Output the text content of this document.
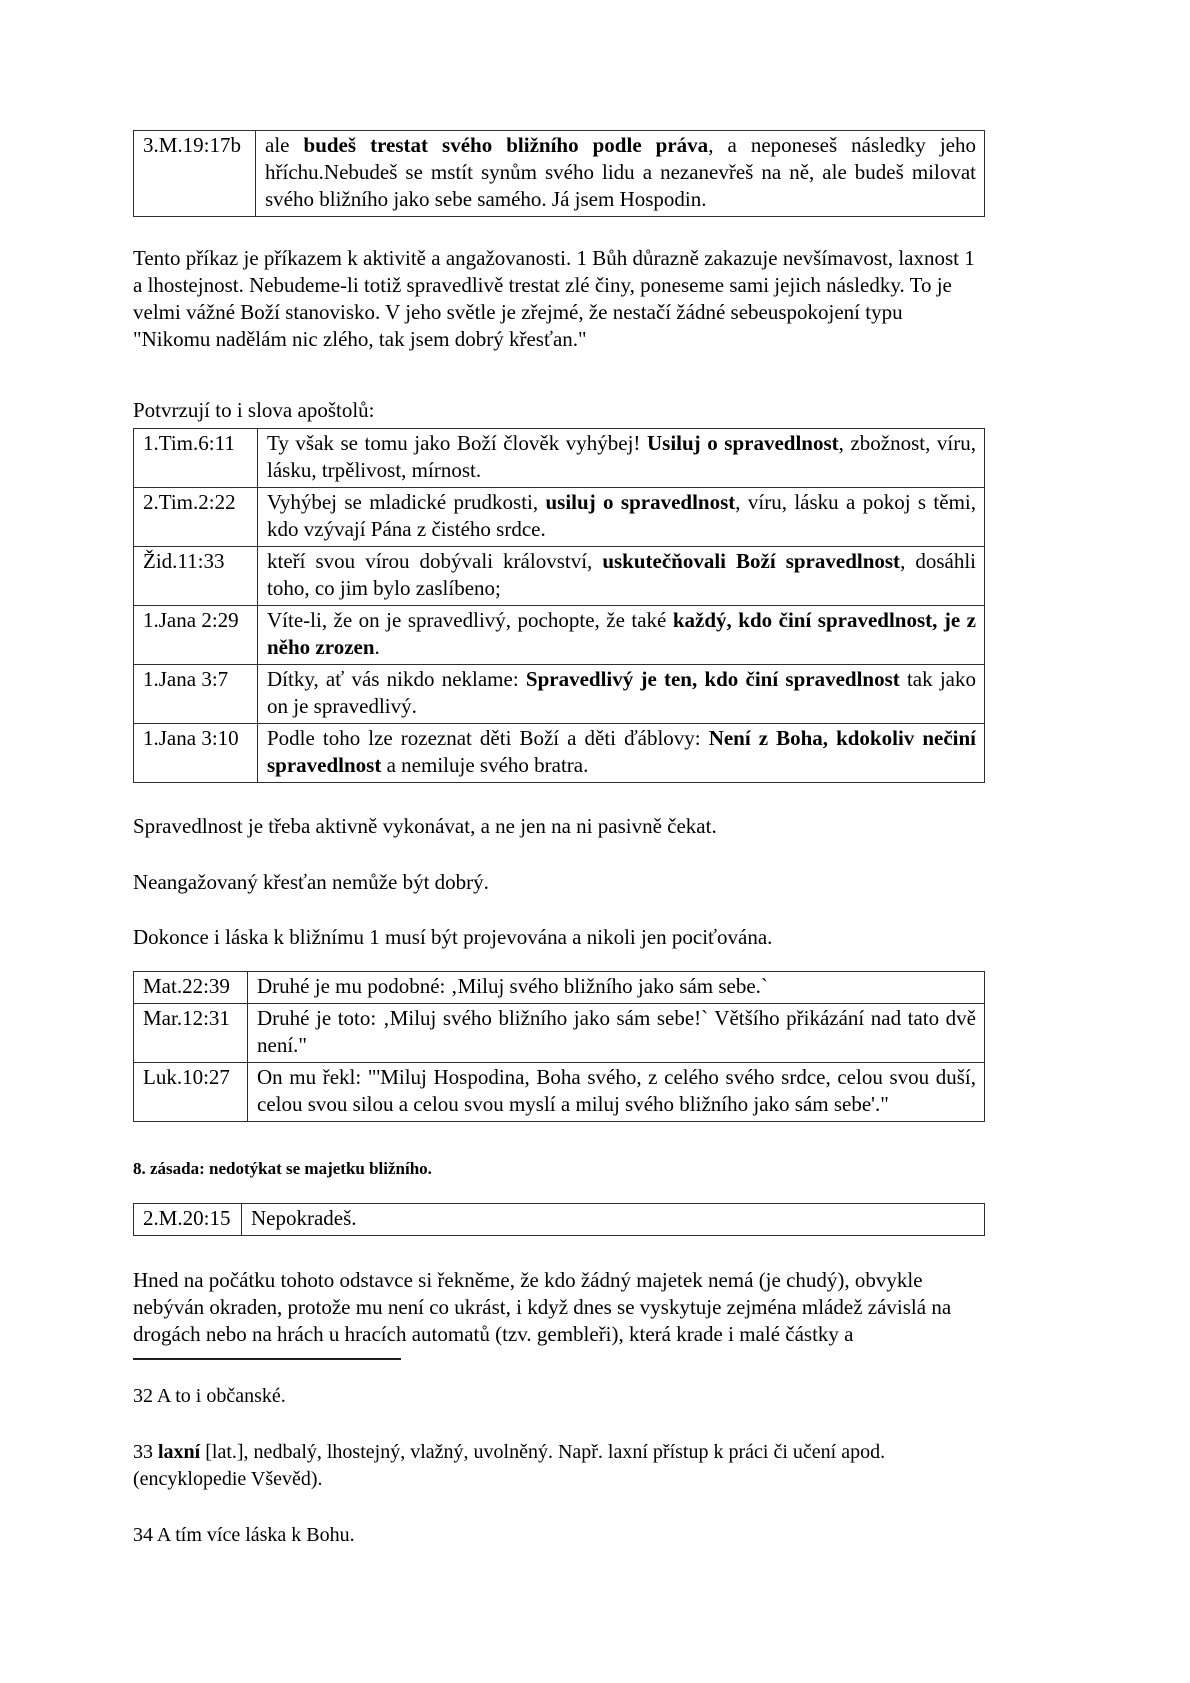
3.M.19:17b	ale budeš trestat svého bližního podle práva, a neponeseš následky jeho hříchu.Nebudeš se mstít synům svého lidu a nezanevřeš na ně, ale budeš milovat svého bližního jako sebe samého. Já jsem Hospodin.

Tento příkaz je příkazem k aktivitě a angažovanosti. 1 Bůh důrazně zakazuje nevšímavost, laxnost 1 a lhostejnost. Nebudeme-li totiž spravedlivě trestat zlé činy, poneseme sami jejich následky. To je velmi vážné Boží stanovisko. V jeho světle je zřejmé, že nestačí žádné sebeuspokojení typu "Nikomu nadělám nic zlého, tak jsem dobrý křesťan."

Potvrzují to i slova apoštolů:

1.Tim.6:11	Ty však se tomu jako Boží člověk vyhýbej! Usiluj o spravedlnost, zbožnost, víru, lásku, trpělivost, mírnost.
2.Tim.2:22	Vyhýbej se mladické prudkosti, usiluj o spravedlnost, víru, lásku a pokoj s těmi, kdo vzývají Pána z čistého srdce.
Žid.11:33	kteří svou vírou dobývali království, uskutečňovali Boží spravedlnost, dosáhli toho, co jim bylo zaslíbeno;
1.Jana 2:29	Víte-li, že on je spravedlivý, pochopte, že také každý, kdo činí spravedlnost, je z něho zrozen.
1.Jana 3:7	Dítky, ať vás nikdo neklame: Spravedlivý je ten, kdo činí spravedlnost tak jako on je spravedlivý.
1.Jana 3:10	Podle toho lze rozeznat děti Boží a děti ďáblovy: Není z Boha, kdokoliv nečiní spravedlnost a nemiluje svého bratra.

Spravedlnost je třeba aktivně vykonávat, a ne jen na ni pasivně čekat.

Neangažovaný křesťan nemůže být dobrý.

Dokonce i láska k bližnímu 1 musí být projevována a nikoli jen pociťována.

Mat.22:39	Druhé je mu podobné: ‚Miluj svého bližního jako sám sebe.`
Mar.12:31	Druhé je toto: ‚Miluj svého bližního jako sám sebe!` Většího přikázání nad tato dvě není."
Luk.10:27	On mu řekl: "'Miluj Hospodina, Boha svého, z celého svého srdce, celou svou duší, celou svou silou a celou svou myslí a miluj svého bližního jako sám sebe'."

8. zásada: nedotýkat se majetku bližního.

2.M.20:15	Nepokradeš.

Hned na počátku tohoto odstavce si řekněme, že kdo žádný majetek nemá (je chudý), obvykle nebýván okraden, protože mu není co ukrást, i když dnes se vyskytuje zejména mládež závislá na drogách nebo na hrách u hracích automatů (tzv. gembleři), která krade i malé částky a

32 A to i občanské.

33 laxní [lat.], nedbalý, lhostejný, vlažný, uvolněný. Např. laxní přístup k práci či učení apod. (encyklopedie Vševěd).

34 A tím více láska k Bohu.
